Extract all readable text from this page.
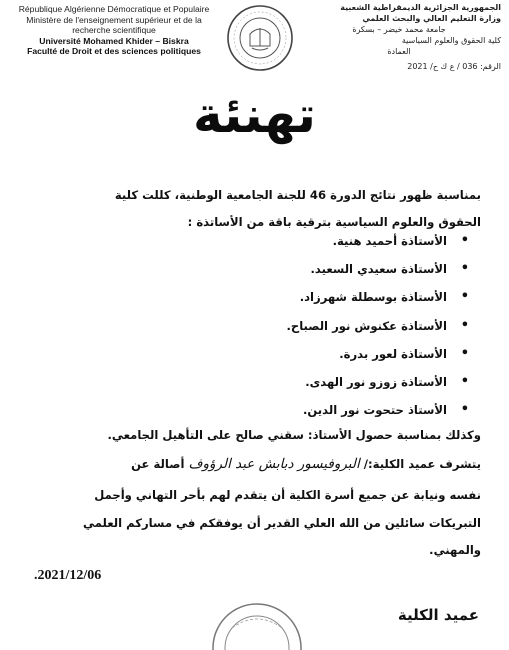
République Algérienne Démocratique et Populaire
Ministère de l'enseignement supérieur et de la
recherche scientifique
Université Mohamed Khider – Biskra
Faculté de Droit et des sciences politiques
الجمهورية الجزائرية الديمقراطية الشعبية
وزارة التعليم العالي والبحث العلمي
جامعة محمد خيضر – بسكرة
كلية الحقوق والعلوم السياسية
العمادة
الرقم: 036 / ع ك ح/ 2021
تهنئة
بمناسبة ظهور نتائج الدورة 46 للجنة الجامعية الوطنية، كللت كلية
الحقوق والعلوم السياسية بترقية باقة من الأساتذة :
•
الأستاذة أحميد هنية.
•
الأستاذة سعيدي السعيد.
•
الأستاذة بوسطلة شهرزاد.
•
الأستاذة عكنوش نور الصباح.
•
الأستاذة لعور بدرة.
•
الأستاذة زوزو نور الهدى.
•
الأستاذ حتحوت نور الدين.
وكذلك بمناسبة حصول الأستاذ: سقني صالح على التأهيل الجامعي.
يتشرف عميد الكلية:/ البروفيسور دبابش عبد الرؤوف أصالة عن
نفسه ونيابة عن جميع أسرة الكلية أن يتقدم لهم بأحر التهاني وأجمل
التبريكات سائلين من الله العلي القدير أن يوفقكم في مساركم العلمي
والمهني.
.2021/12/06
عميد الكلية
